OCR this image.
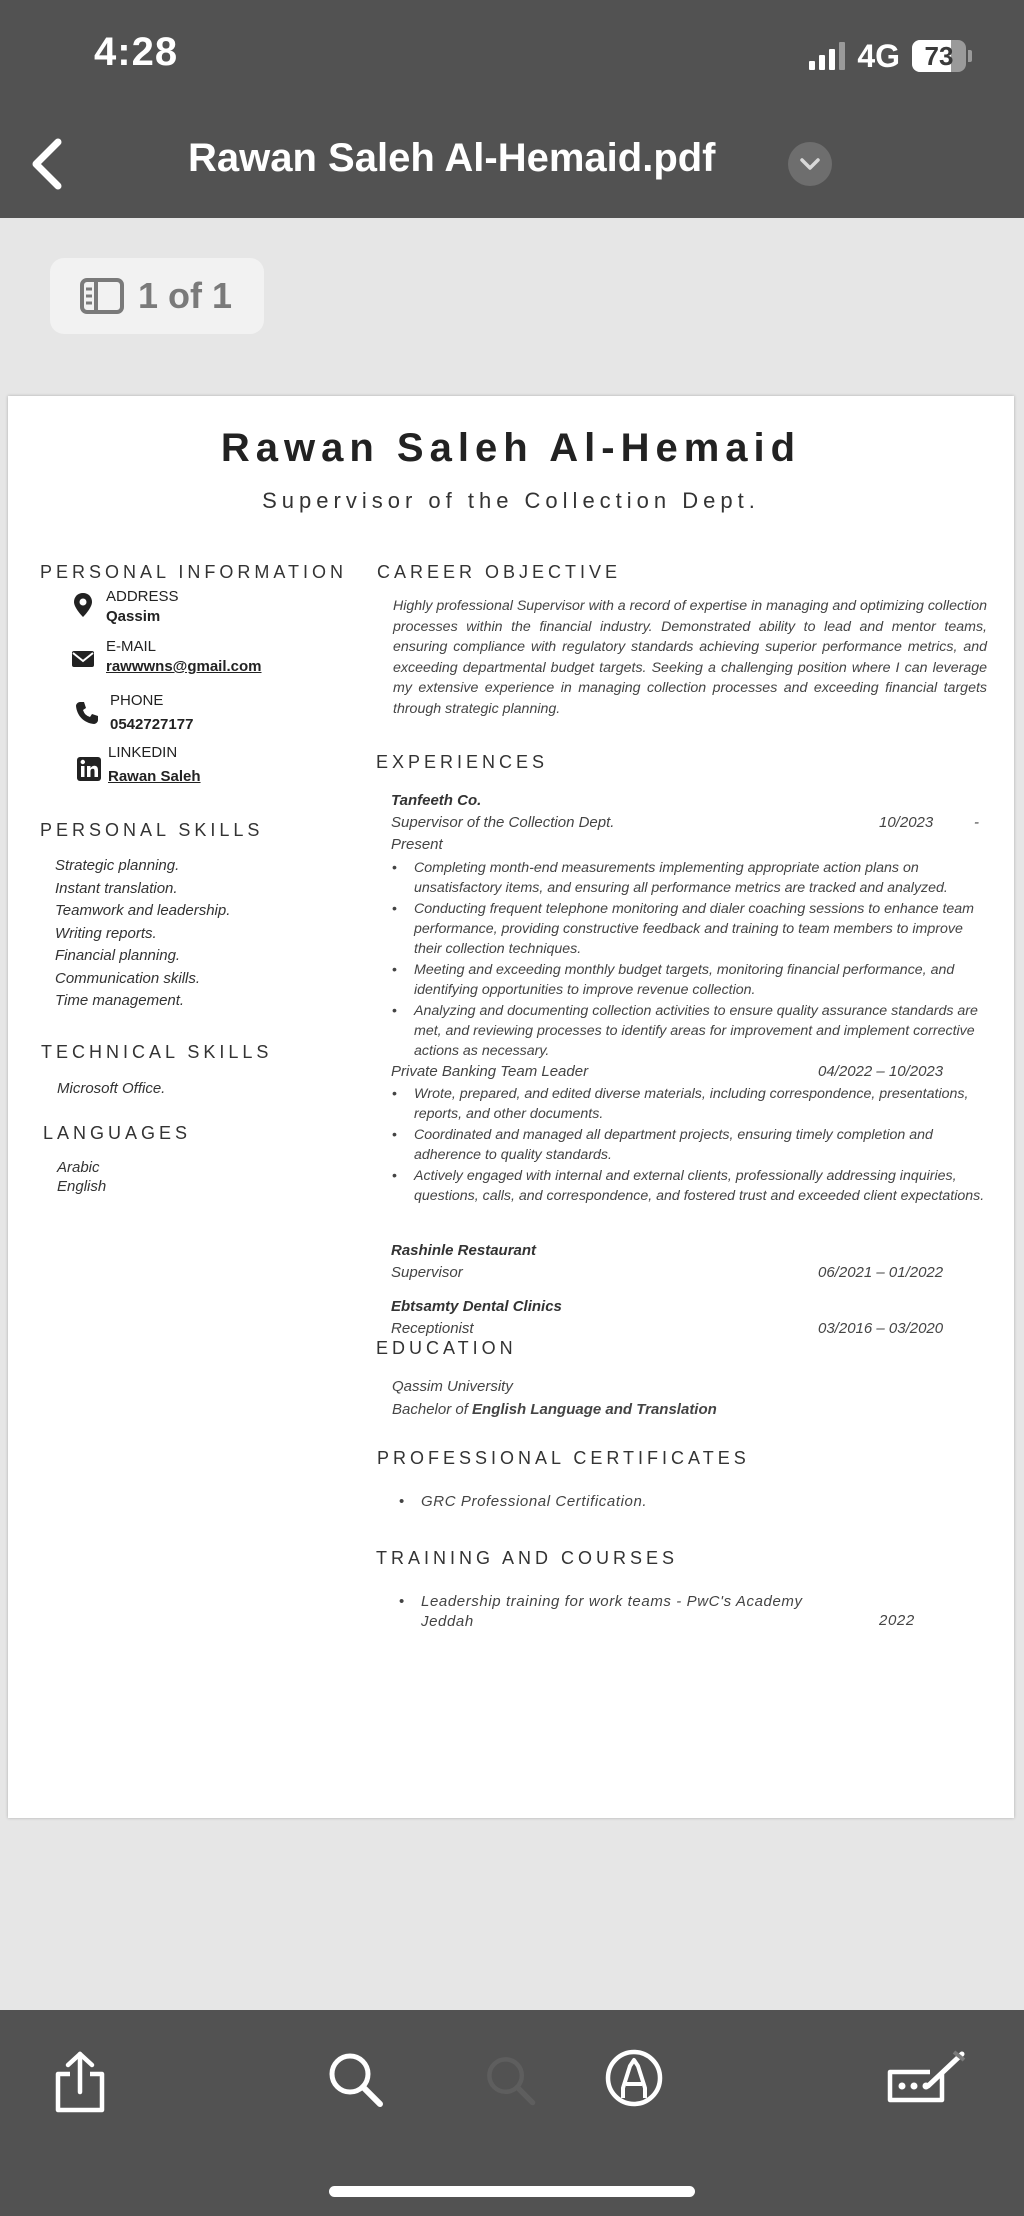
4:28	4G 73
Rawan Saleh Al-Hemaid.pdf
1 of 1
Rawan Saleh Al-Hemaid
Supervisor of the Collection Dept.
PERSONAL INFORMATION
ADDRESS
Qassim
E-MAIL
rawwwns@gmail.com
PHONE
0542727177
LINKEDIN
Rawan Saleh
PERSONAL SKILLS
Strategic planning.
Instant translation.
Teamwork and leadership.
Writing reports.
Financial planning.
Communication skills.
Time management.
TECHNICAL SKILLS
Microsoft Office.
LANGUAGES
Arabic
English
CAREER OBJECTIVE
Highly professional Supervisor with a record of expertise in managing and optimizing collection processes within the financial industry. Demonstrated ability to lead and mentor teams, ensuring compliance with regulatory standards achieving superior performance metrics, and exceeding departmental budget targets. Seeking a challenging position where I can leverage my extensive experience in managing collection processes and exceeding financial targets through strategic planning.
EXPERIENCES
Tanfeeth Co.
Supervisor of the Collection Dept.	10/2023	-
Present
• Completing month-end measurements implementing appropriate action plans on unsatisfactory items, and ensuring all performance metrics are tracked and analyzed.
• Conducting frequent telephone monitoring and dialer coaching sessions to enhance team performance, providing constructive feedback and training to team members to improve their collection techniques.
• Meeting and exceeding monthly budget targets, monitoring financial performance, and identifying opportunities to improve revenue collection.
• Analyzing and documenting collection activities to ensure quality assurance standards are met, and reviewing processes to identify areas for improvement and implement corrective actions as necessary.
Private Banking Team Leader	04/2022 – 10/2023
• Wrote, prepared, and edited diverse materials, including correspondence, presentations, reports, and other documents.
• Coordinated and managed all department projects, ensuring timely completion and adherence to quality standards.
• Actively engaged with internal and external clients, professionally addressing inquiries, questions, calls, and correspondence, and fostered trust and exceeded client expectations.
Rashinle Restaurant
Supervisor	06/2021 – 01/2022
Ebtsamty Dental Clinics
Receptionist	03/2016 – 03/2020
EDUCATION
Qassim University
Bachelor of English Language and Translation
PROFESSIONAL CERTIFICATES
• GRC Professional Certification.
TRAINING AND COURSES
• Leadership training for work teams - PwC's Academy
Jeddah	2022
